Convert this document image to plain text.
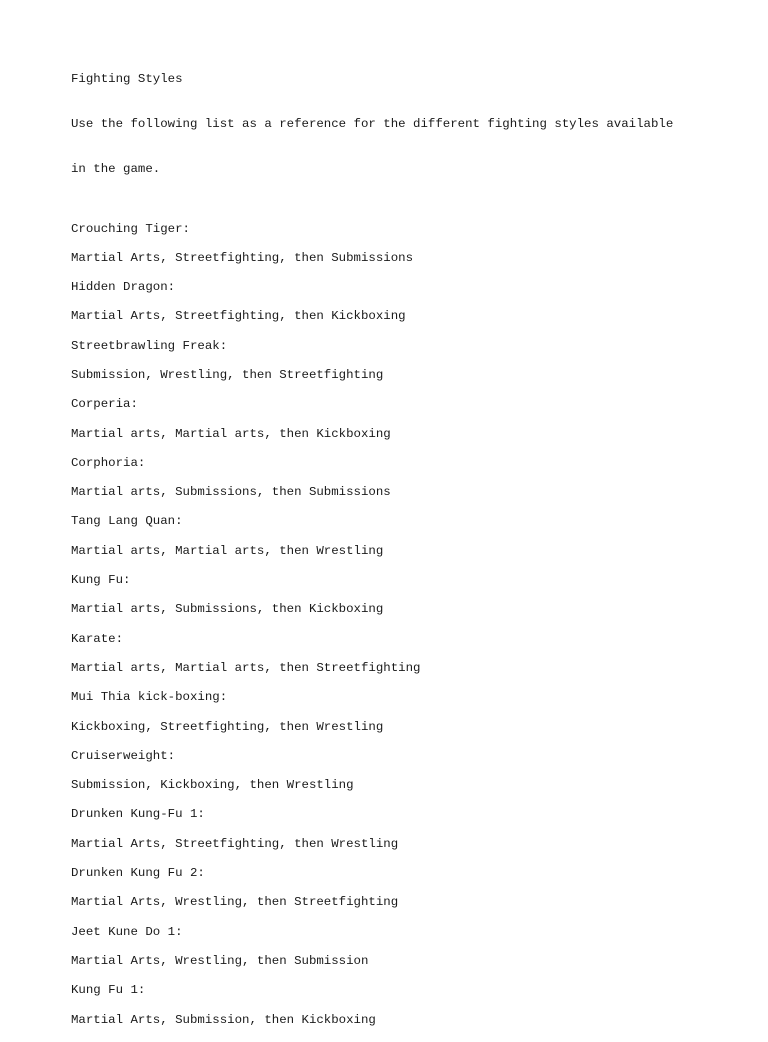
Fighting Styles

Use the following list as a reference for the different fighting styles available

in the game.

Crouching Tiger:
Martial Arts, Streetfighting, then Submissions
Hidden Dragon:
Martial Arts, Streetfighting, then Kickboxing
Streetbrawling Freak:
Submission, Wrestling, then Streetfighting
Corperia:
Martial arts, Martial arts, then Kickboxing
Corphoria:
Martial arts, Submissions, then Submissions
Tang Lang Quan:
Martial arts, Martial arts, then Wrestling
Kung Fu:
Martial arts, Submissions, then Kickboxing
Karate:
Martial arts, Martial arts, then Streetfighting
Mui Thia kick-boxing:
Kickboxing, Streetfighting, then Wrestling
Cruiserweight:
Submission, Kickboxing, then Wrestling
Drunken Kung-Fu 1:
Martial Arts, Streetfighting, then Wrestling
Drunken Kung Fu 2:
Martial Arts, Wrestling, then Streetfighting
Jeet Kune Do 1:
Martial Arts, Wrestling, then Submission
Kung Fu 1:
Martial Arts, Submission, then Kickboxing
